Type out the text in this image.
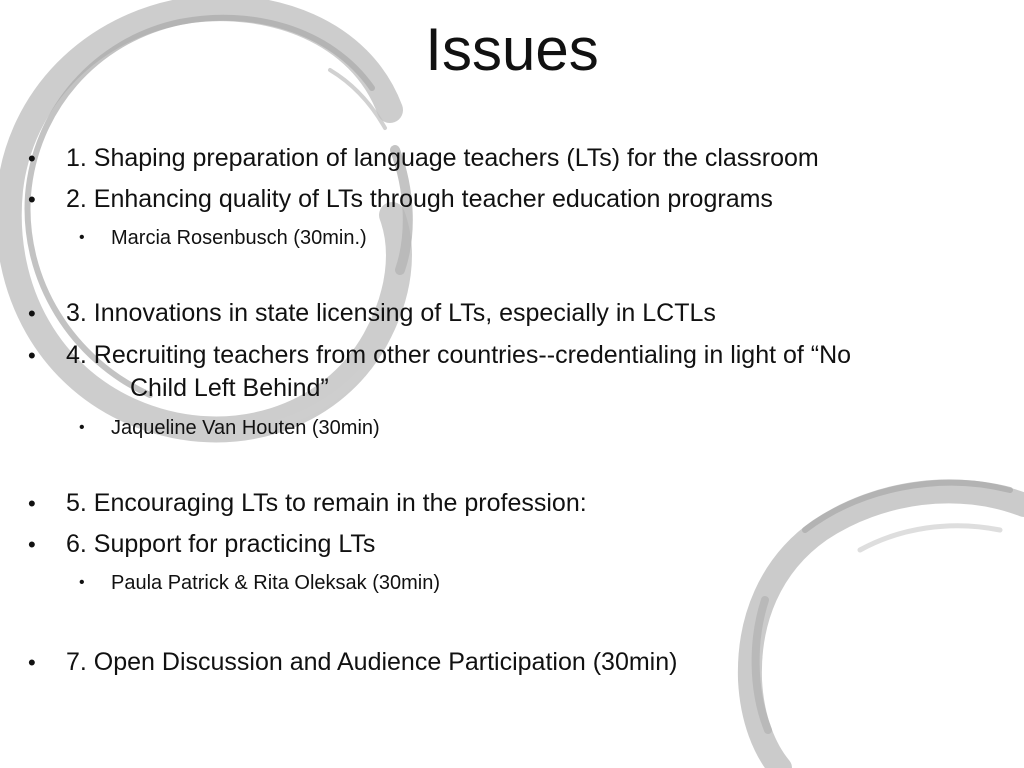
Issues
• 1. Shaping preparation of language teachers (LTs) for the classroom
• 2. Enhancing quality of LTs through teacher education programs
• Marcia Rosenbusch (30min.)
• 3. Innovations in state licensing of LTs, especially in LCTLs
• 4. Recruiting teachers from other countries--credentialing in light of “No
Child Left Behind”
• Jaqueline Van Houten (30min)
• 5. Encouraging LTs to remain in the profession:
• 6. Support for practicing LTs
• Paula Patrick & Rita Oleksak (30min)
• 7. Open Discussion and Audience Participation (30min)
